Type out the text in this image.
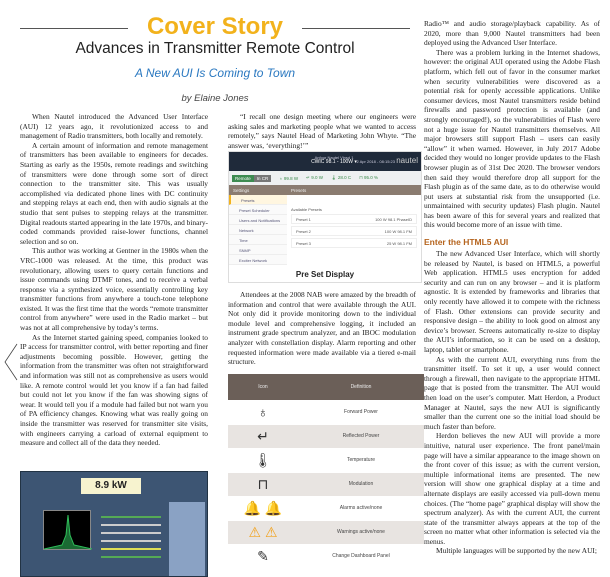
Cover Story
Advances in Transmitter Remote Control
A New AUI Is Coming to Town
by Elaine Jones

When Nautel introduced the Advanced User Interface (AUI) 12 years ago, it revolutionized access to and management of Radio transmitters, both locally and remotely.

A certain amount of information and remote management of transmitters has been available to engineers for decades. Starting as early as the 1950s, remote readings and switching of transmitters were done through some sort of direct connection to the transmitter site. This was usually accomplished via dedicated phone lines with DC continuity and stepping relays at each end, then with audio signals at the studio that sent pulses to stepping relays at the transmitter. Digital readouts started appearing in the late 1970s, and binary-coded commands provided raise-lower functions, channel selection and so on.

This author was working at Gentner in the 1980s when the VRC-1000 was released. At the time, this product was revolutionary, allowing users to query certain functions and issue commands using DTMF tones, and to receive a verbal response via a synthesized voice, essentially controlling key transmitter functions from anywhere a touch-tone telephone existed. It was the first time that the words “remote transmitter control from anywhere” were used in the Radio market – but was not at all comprehensive by today’s terms.

As the Internet started gaining speed, companies looked to IP access for transmitter control, with better reporting and finer adjustments becoming possible. However, getting the information from the transmitter was often not straightforward and information was still not as comprehensive as users would like. A remote control would let you know if a fan had failed but could not let you know if the fan was showing signs of wear. It would tell you if a module had failed but not warn you of PA efficiency changes. Knowing what was really going on inside the transmitter was reserved for transmitter site visits, with engineers carrying a carload of external equipment to measure and collect all of the data they needed.

8.9 kW

“I recall one design meeting where our engineers were asking sales and marketing people what we wanted to access remotely,” says Nautel Head of Marketing John Whyte. “The answer was, ‘everything!’”

Anfour Nautel Vinsd 1
CWIC 98.1 - 100W ▾ 2 Apr 2018 - 08:15:23 nautel
Remote	In CR	♁ 99.8 W ↵ 9.0 W 🌡 28.0 C ⊓ 95.0 %
Settings	Presets
Presets
Preset Scheduler
Users and Notifications
Network
Time
SNMP
Exciter Network
Available Presets
Preset 1	100 W 98.1 PhaseID
Preset 2	100 W 98.1 FM
Preset 3	25 W 98.1 FM
Pre Set Display

Attendees at the 2008 NAB were amazed by the breadth of information and control that were available through the AUI. Not only did it provide monitoring down to the individual module level and comprehensive logging, it included an instrument grade spectrum analyzer, and an IBOC modulation analyzer with constellation display. Alarm reporting and other requested information were made available via a tiered e-mail structure.

Icon	Definition
♁	Forward Power
↵	Reflected Power
🌡	Temperature
⊓	Modulation
🔔 🔔	Alarms active/none
⚠ ⚠	Warnings active/none
✎	Change Dashboard Panel

Radio™ and audio storage/playback capability. As of 2020, more than 9,000 Nautel transmitters had been deployed using the Advanced User Interface.

There was a problem lurking in the Internet shadows, however: the original AUI operated using the Adobe Flash platform, which fell out of favor in the consumer market when security vulnerabilities were discovered as a potential risk for openly accessible applications. Unlike consumer devices, most Nautel transmitters reside behind firewalls and password protection is available (and strongly encouraged!), so the vulnerabilities of Flash were not a huge issue for Nautel transmitters themselves. All major browsers still support Flash – users can easily “allow” it when warned. However, in July 2017 Adobe decided they would no longer provide updates to the Flash browser plugin as of 31st Dec 2020. The browser vendors then said they would therefore drop all support for the Flash plugin as of the same date, as to do otherwise would put users at substantial risk from the unsupported (i.e. unmaintained with security updates) Flash plugin. Nautel has been aware of this for several years and realized that this would become more of an issue with time.

Enter the HTML5 AUI

The new Advanced User Interface, which will shortly be released by Nautel, is based on HTML5, a powerful Web application. HTML5 uses encryption for added security and can run on any browser – and it is platform agnostic. It is extended by frameworks and libraries that only recently have allowed it to compete with the richness of Flash. Other extensions can provide security and responsive design – the ability to look good on almost any device’s browser. Screens automatically re-size to display the AUI’s information, so it can be used on a desktop, laptop, tablet or smartphone.

As with the current AUI, everything runs from the transmitter itself. To set it up, a user would connect through a firewall, then navigate to the appropriate HTML page that is posted from the transmitter. The AUI would then load on the user’s computer. Matt Herdon, a Product Manager at Nautel, says the new AUI is significantly smaller than the current one so the initial load should be much faster than before.

Herdon believes the new AUI will provide a more intuitive, natural user experience. The front panel/main page will have a similar appearance to the image shown on the front cover of this issue; as with the current version, multiple informational items are presented. The new version will show one graphical display at a time and alternate displays are easily accessed via pull-down menu choices. (The “home page” graphical display will show the spectrum analyzer). As with the current AUI, the current state of the transmitter always appears at the top of the screen no matter what other information is selected via the menus.

Multiple languages will be supported by the new AUI;
